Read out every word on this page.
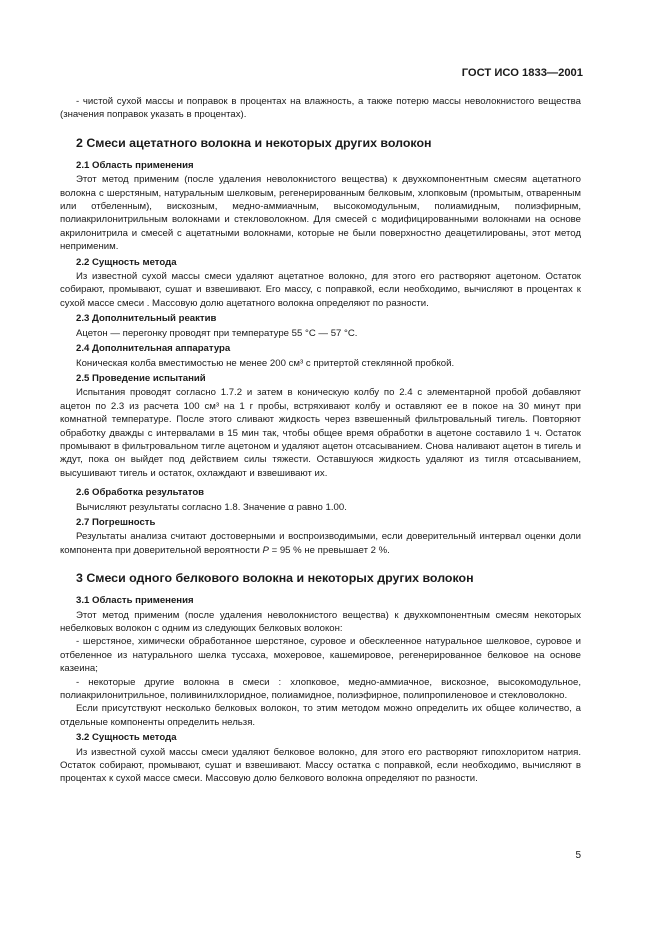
ГОСТ ИСО 1833—2001

- чистой сухой массы и поправок в процентах на влажность, а также потерю массы неволокнистого вещества (значения поправок указать в процентах).

2 Смеси ацетатного волокна и некоторых других волокон
2.1 Область применения

Этот метод применим (после удаления неволокнистого вещества) к двухкомпонентным смесям ацетатного волокна с шерстяным, натуральным шелковым, регенерированным белковым, хлопковым (промытым, отваренным или отбеленным), вискозным, медно-аммиачным, высокомодульным, полиамидным, полиэфирным, полиакрилонитрильным волокнами и стекловолокном. Для смесей с модифицированными волокнами на основе акрилонитрила и смесей с ацетатными волокнами, которые не были поверхностно деацетилированы, этот метод неприменим.

2.2 Сущность метода

Из известной сухой массы смеси удаляют ацетатное волокно, для этого его растворяют ацетоном. Остаток собирают, промывают, сушат и взвешивают. Его массу, с поправкой, если необходимо, вычисляют в процентах к сухой массе смеси . Массовую долю ацетатного волокна определяют по разности.

2.3 Дополнительный реактив

Ацетон — перегонку проводят при температуре 55 °С — 57 °С.

2.4 Дополнительная аппаратура

Коническая колба вместимостью не менее 200 см³ с притертой стеклянной пробкой.

2.5 Проведение испытаний

Испытания проводят согласно 1.7.2 и затем в коническую колбу по 2.4 с элементарной пробой добавляют ацетон по 2.3 из расчета 100 см³ на 1 г пробы, встряхивают колбу и оставляют ее в покое на 30 минут при комнатной температуре. После этого сливают жидкость через взвешенный фильтровальный тигель. Повторяют обработку дважды с интервалами в 15 мин так, чтобы общее время обработки в ацетоне составило 1 ч. Остаток промывают в фильтровальном тигле ацетоном и удаляют ацетон отсасыванием. Снова наливают ацетон в тигель и ждут, пока он выйдет под действием силы тяжести. Оставшуюся жидкость удаляют из тигля отсасыванием, высушивают тигель и остаток, охлаждают и взвешивают их.

2.6 Обработка результатов

Вычисляют результаты согласно 1.8. Значение α равно 1.00.

2.7 Погрешность

Результаты анализа считают достоверными и воспроизводимыми, если доверительный интервал оценки доли компонента при доверительной вероятности P = 95 % не превышает 2 %.

3 Смеси одного белкового волокна и некоторых других волокон
3.1 Область применения

Этот метод применим (после удаления неволокнистого вещества) к двухкомпонентным смесям некоторых небелковых волокон с одним из следующих белковых волокон:

- шерстяное, химически обработанное шерстяное, суровое и обесклеенное натуральное шелковое, суровое и отбеленное из натурального шелка туссаха, мохеровое, кашемировое, регенерированное белковое на основе казеина;

- некоторые другие волокна в смеси : хлопковое, медно-аммиачное, вискозное, высокомодульное, полиакрилонитрильное, поливинилхлоридное, полиамидное, полиэфирное, полипропиленовое и стекловолокно.

Если присутствуют несколько белковых волокон, то этим методом можно определить их общее количество, а отдельные компоненты определить нельзя.

3.2 Сущность метода

Из известной сухой массы смеси удаляют белковое волокно, для этого его растворяют гипохлоритом натрия. Остаток собирают, промывают, сушат и взвешивают. Массу остатка с поправкой, если необходимо, вычисляют в процентах к сухой массе смеси. Массовую долю белкового волокна определяют по разности.

5
